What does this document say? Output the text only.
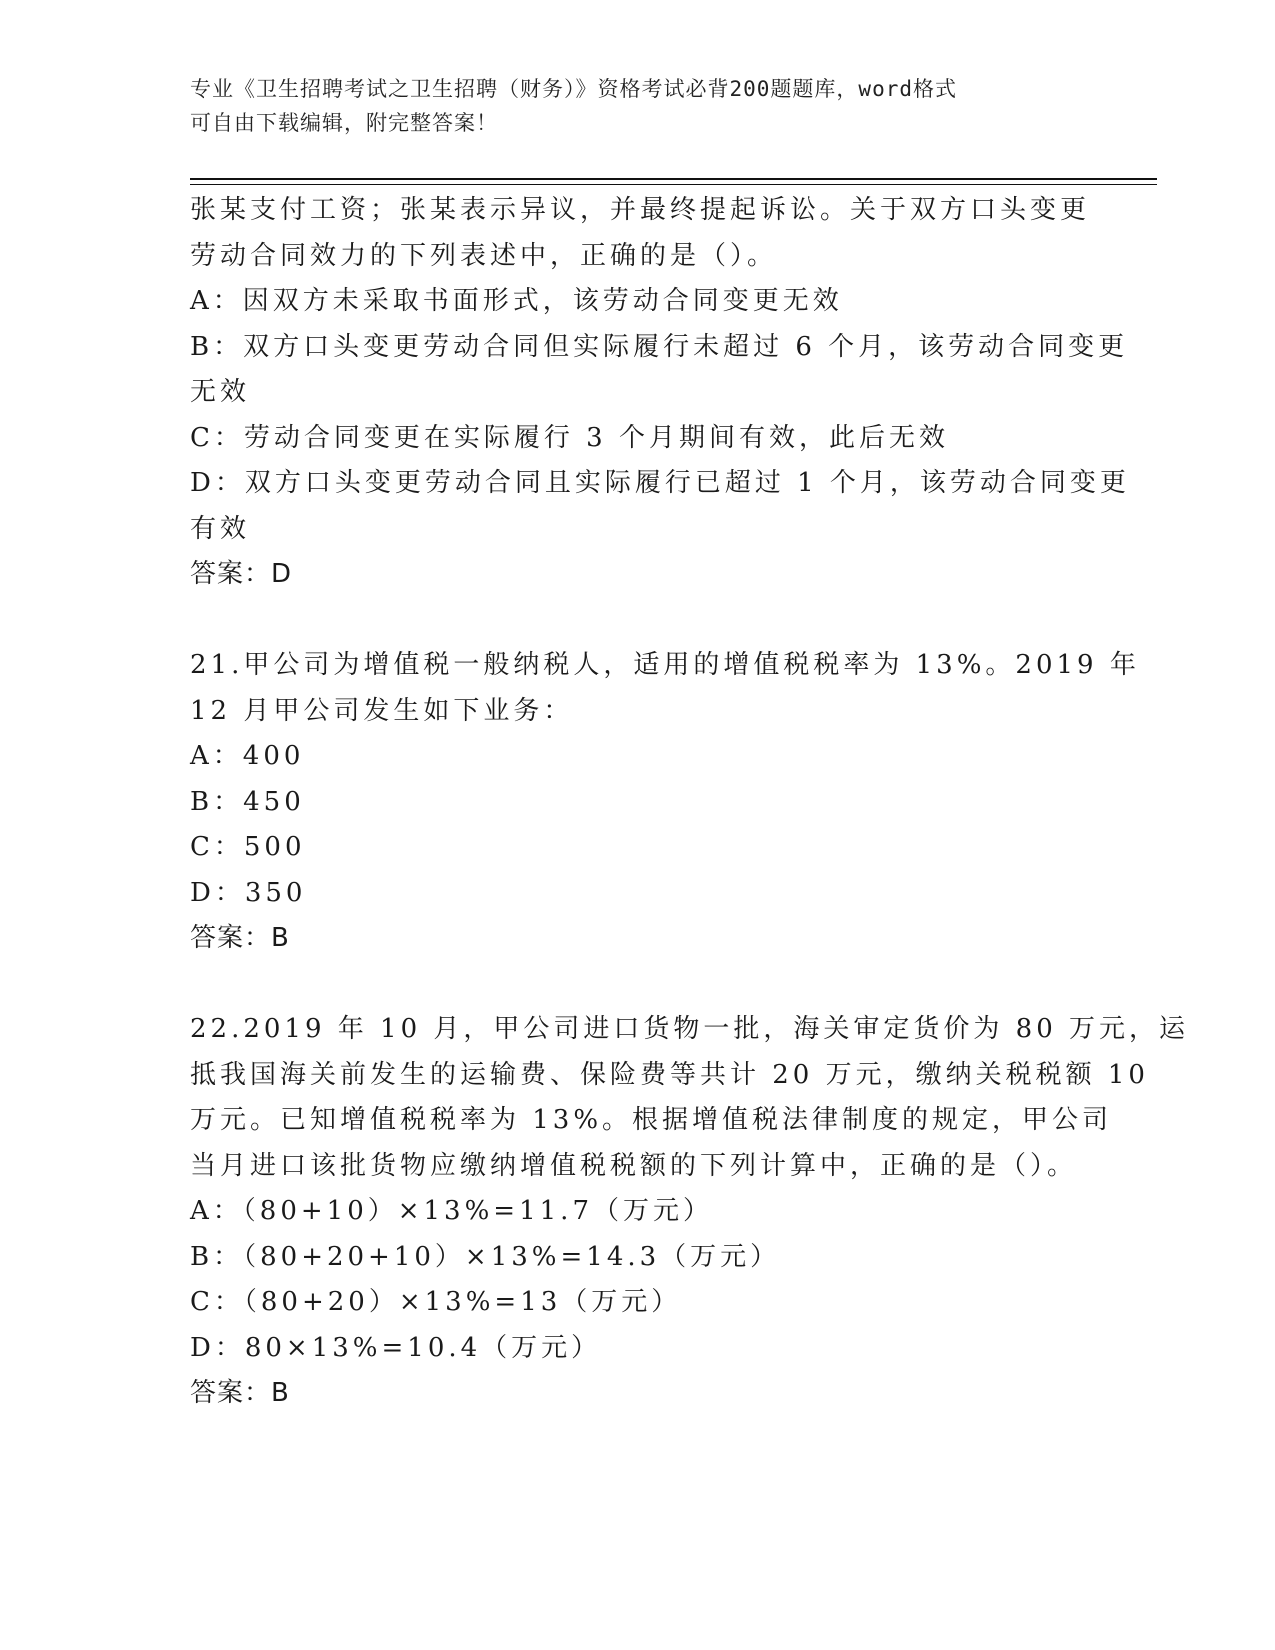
专业《卫生招聘考试之卫生招聘（财务）》资格考试必背200题题库，word格式
可自由下载编辑，附完整答案！
张某支付工资；张某表示异议，并最终提起诉讼。关于双方口头变更
劳动合同效力的下列表述中，正确的是（）。
A：因双方未采取书面形式，该劳动合同变更无效
B：双方口头变更劳动合同但实际履行未超过 6 个月，该劳动合同变更
无效
C：劳动合同变更在实际履行 3 个月期间有效，此后无效
D：双方口头变更劳动合同且实际履行已超过 1 个月，该劳动合同变更
有效
答案：D
21.甲公司为增值税一般纳税人，适用的增值税税率为 13%。2019 年
12 月甲公司发生如下业务：
A：400
B：450
C：500
D：350
答案：B
22.2019 年 10 月，甲公司进口货物一批，海关审定货价为 80 万元，运
抵我国海关前发生的运输费、保险费等共计 20 万元，缴纳关税税额 10
万元。已知增值税税率为 13%。根据增值税法律制度的规定，甲公司
当月进口该批货物应缴纳增值税税额的下列计算中，正确的是（）。
A：（80+10）×13%=11.7（万元）
B：（80+20+10）×13%=14.3（万元）
C：（80+20）×13%=13（万元）
D：80×13%=10.4（万元）
答案：B
